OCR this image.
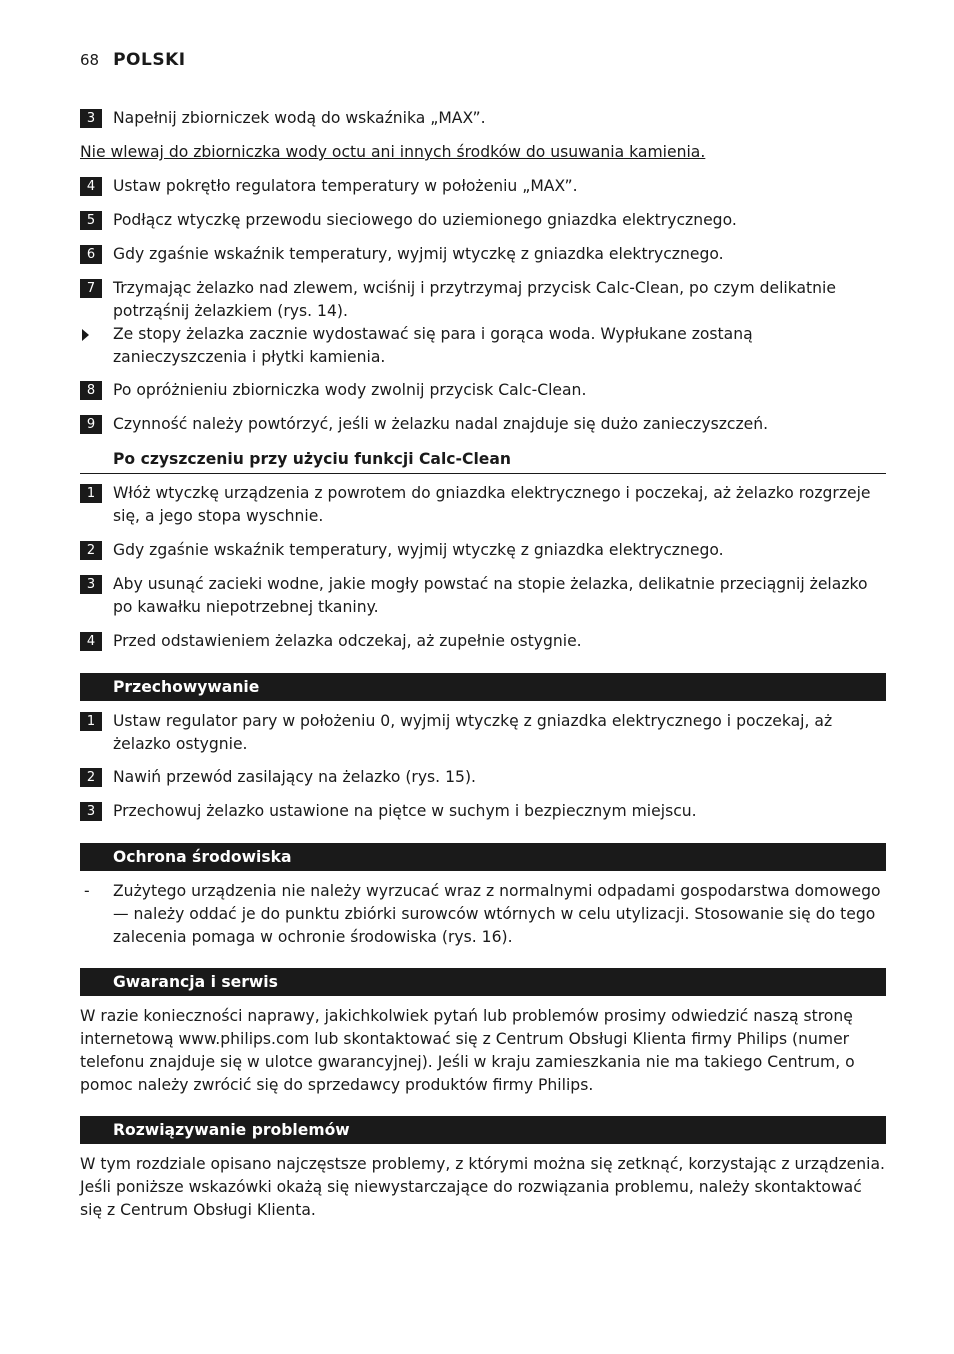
68 POLSKI
3	Napełnij zbiorniczek wodą do wskaźnika „MAX”.
Nie wlewaj do zbiorniczka wody octu ani innych środków do usuwania kamienia.
4	Ustaw pokrętło regulatora temperatury w położeniu „MAX”.
5	Podłącz wtyczkę przewodu sieciowego do uziemionego gniazdka elektrycznego.
6	Gdy zgaśnie wskaźnik temperatury, wyjmij wtyczkę z gniazdka elektrycznego.
7	Trzymając żelazko nad zlewem, wciśnij i przytrzymaj przycisk Calc-Clean, po czym delikatnie potrząśnij żelazkiem (rys. 14).
Ze stopy żelazka zacznie wydostawać się para i gorąca woda. Wypłukane zostaną zanieczyszczenia i płytki kamienia.
8	Po opróżnieniu zbiorniczka wody zwolnij przycisk Calc-Clean.
9	Czynność należy powtórzyć, jeśli w żelazku nadal znajduje się dużo zanieczyszczeń.
Po czyszczeniu przy użyciu funkcji Calc-Clean
1	Włóż wtyczkę urządzenia z powrotem do gniazdka elektrycznego i poczekaj, aż żelazko rozgrzeje się, a jego stopa wyschnie.
2	Gdy zgaśnie wskaźnik temperatury, wyjmij wtyczkę z gniazdka elektrycznego.
3	Aby usunąć zacieki wodne, jakie mogły powstać na stopie żelazka, delikatnie przeciągnij żelazko po kawałku niepotrzebnej tkaniny.
4	Przed odstawieniem żelazka odczekaj, aż zupełnie ostygnie.
Przechowywanie
1	Ustaw regulator pary w położeniu 0, wyjmij wtyczkę z gniazdka elektrycznego i poczekaj, aż żelazko ostygnie.
2	Nawiń przewód zasilający na żelazko (rys. 15).
3	Przechowuj żelazko ustawione na piętce w suchym i bezpiecznym miejscu.
Ochrona środowiska
- Zużytego urządzenia nie należy wyrzucać wraz z normalnymi odpadami gospodarstwa domowego — należy oddać je do punktu zbiórki surowców wtórnych w celu utylizacji. Stosowanie się do tego zalecenia pomaga w ochronie środowiska (rys. 16).
Gwarancja i serwis
W razie konieczności naprawy, jakichkolwiek pytań lub problemów prosimy odwiedzić naszą stronę internetową www.philips.com lub skontaktować się z Centrum Obsługi Klienta firmy Philips (numer telefonu znajduje się w ulotce gwarancyjnej). Jeśli w kraju zamieszkania nie ma takiego Centrum, o pomoc należy zwrócić się do sprzedawcy produktów firmy Philips.
Rozwiązywanie problemów
W tym rozdziale opisano najczęstsze problemy, z którymi można się zetknąć, korzystając z urządzenia. Jeśli poniższe wskazówki okażą się niewystarczające do rozwiązania problemu, należy skontaktować się z Centrum Obsługi Klienta.
